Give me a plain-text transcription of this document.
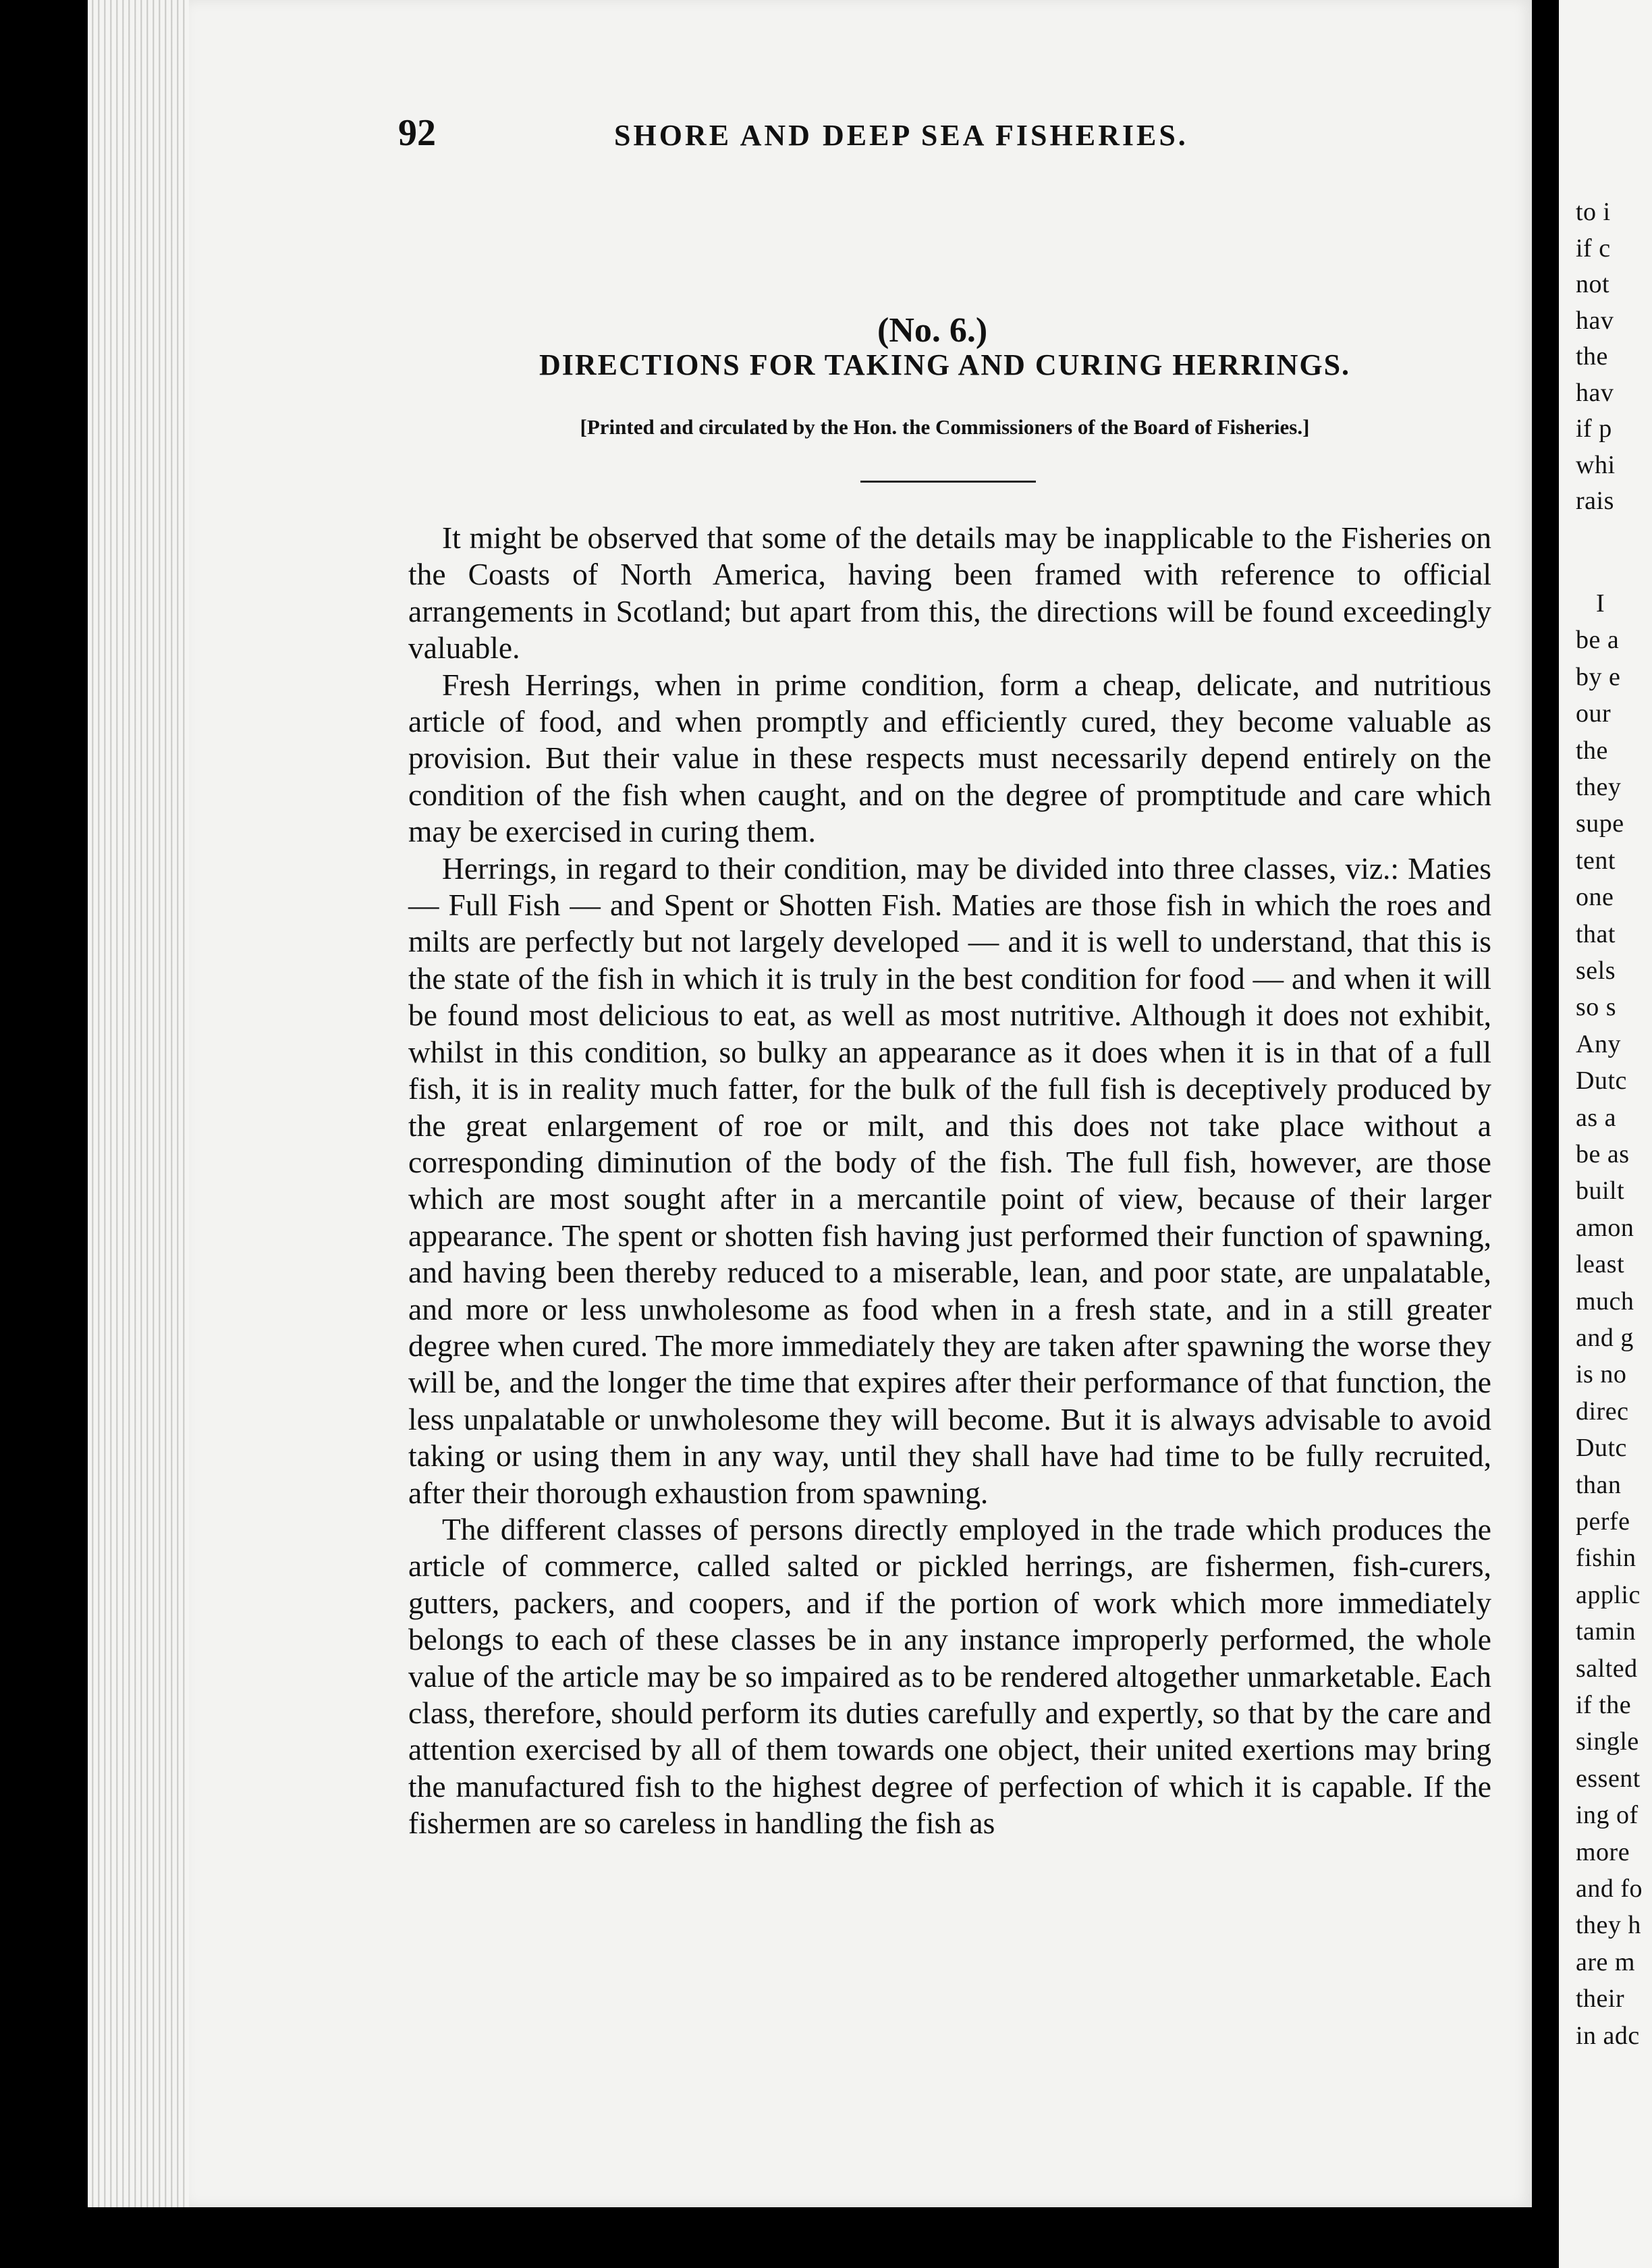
92	SHORE AND DEEP SEA FISHERIES.
(No. 6.)
DIRECTIONS FOR TAKING AND CURING HERRINGS.
[Printed and circulated by the Hon. the Commissioners of the Board of Fisheries.]

It might be observed that some of the details may be inapplicable to the Fisheries on the Coasts of North America, having been framed with reference to official arrangements in Scotland; but apart from this, the directions will be found exceedingly valuable.

Fresh Herrings, when in prime condition, form a cheap, delicate, and nutritious article of food, and when promptly and efficiently cured, they become valuable as provision. But their value in these respects must necessarily depend entirely on the condition of the fish when caught, and on the degree of promptitude and care which may be exercised in curing them.

Herrings, in regard to their condition, may be divided into three classes, viz.: Maties — Full Fish — and Spent or Shotten Fish. Maties are those fish in which the roes and milts are perfectly but not largely developed — and it is well to understand, that this is the state of the fish in which it is truly in the best condition for food — and when it will be found most delicious to eat, as well as most nutritive. Although it does not exhibit, whilst in this condition, so bulky an appearance as it does when it is in that of a full fish, it is in reality much fatter, for the bulk of the full fish is deceptively produced by the great enlargement of roe or milt, and this does not take place without a corresponding diminution of the body of the fish. The full fish, however, are those which are most sought after in a mercantile point of view, because of their larger appearance. The spent or shotten fish having just performed their function of spawning, and having been thereby reduced to a miserable, lean, and poor state, are unpalatable, and more or less unwholesome as food when in a fresh state, and in a still greater degree when cured. The more immediately they are taken after spawning the worse they will be, and the longer the time that expires after their performance of that function, the less unpalatable or unwholesome they will become. But it is always advisable to avoid taking or using them in any way, until they shall have had time to be fully recruited, after their thorough exhaustion from spawning.

The different classes of persons directly employed in the trade which produces the article of commerce, called salted or pickled herrings, are fishermen, fish-curers, gutters, packers, and coopers, and if the portion of work which more immediately belongs to each of these classes be in any instance improperly performed, the whole value of the article may be so impaired as to be rendered altogether unmarketable. Each class, therefore, should perform its duties carefully and expertly, so that by the care and attention exercised by all of them towards one object, their united exertions may bring the manufactured fish to the highest degree of perfection of which it is capable. If the fishermen are so careless in handling the fish as

to i
if c
not
hav
the
hav
if p
whi
rais
I
be a
by e
our
the
they
supe
tent
one
that
sels
so s
Any
Dutc
as a
be as
built
amon
least
much
and g
is no
direc
Dutc
than
perfe
fishin
applic
tamin
salted
if the
single
essent
ing of
more
and fo
they h
are m
their
in adc
